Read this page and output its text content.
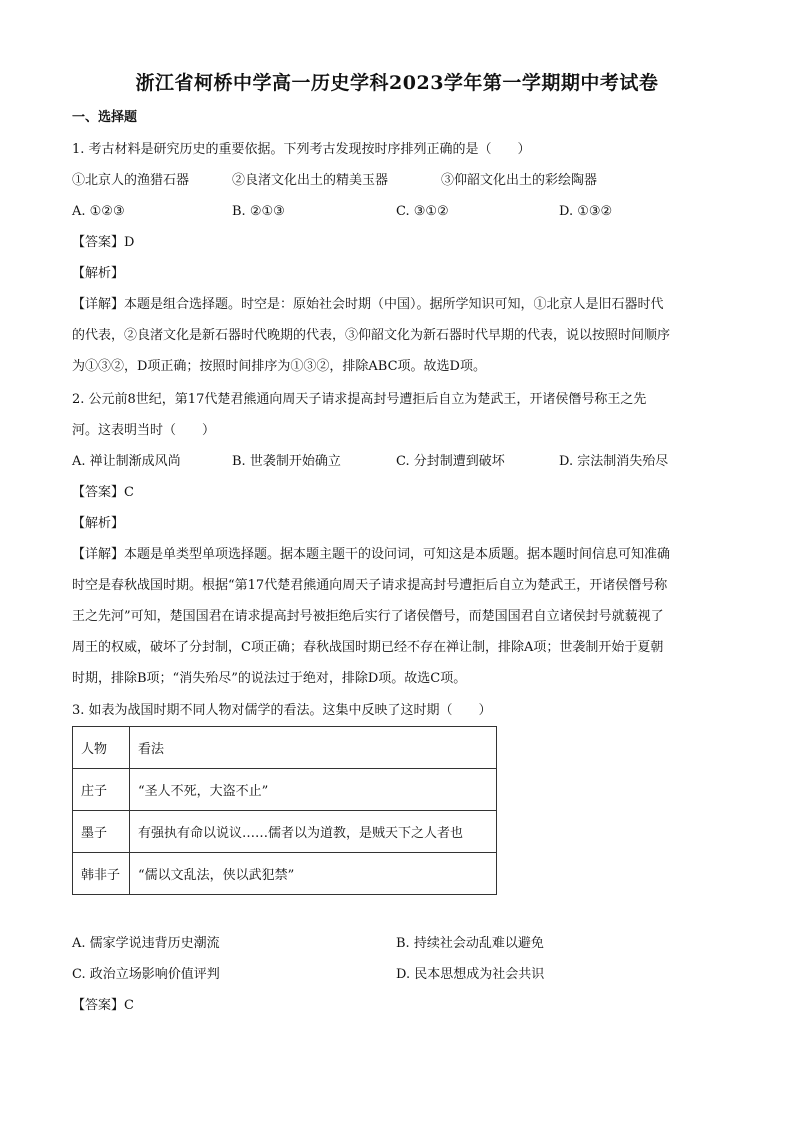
浙江省柯桥中学高一历史学科2023学年第一学期期中考试卷
一、选择题
1. 考古材料是研究历史的重要依据。下列考古发现按时序排列正确的是（　　）
①北京人的渔猎石器	②良渚文化出土的精美玉器	③仰韶文化出土的彩绘陶器
A. ①②③	B. ②①③	C. ③①②	D. ①③②
【答案】D
【解析】
【详解】本题是组合选择题。时空是：原始社会时期（中国）。据所学知识可知，①北京人是旧石器时代
的代表，②良渚文化是新石器时代晚期的代表，③仰韶文化为新石器时代早期的代表，说以按照时间顺序
为①③②，D项正确；按照时间排序为①③②，排除ABC项。故选D项。
2. 公元前8世纪，第17代楚君熊通向周天子请求提高封号遭拒后自立为楚武王，开诸侯僭号称王之先
河。这表明当时（　　）
A. 禅让制渐成风尚	B. 世袭制开始确立	C. 分封制遭到破坏	D. 宗法制消失殆尽
【答案】C
【解析】
【详解】本题是单类型单项选择题。据本题主题干的设问词，可知这是本质题。据本题时间信息可知准确
时空是春秋战国时期。根据“第17代楚君熊通向周天子请求提高封号遭拒后自立为楚武王，开诸侯僭号称
王之先河”可知，楚国国君在请求提高封号被拒绝后实行了诸侯僭号，而楚国国君自立诸侯封号就藐视了
周王的权威，破坏了分封制，C项正确；春秋战国时期已经不存在禅让制，排除A项；世袭制开始于夏朝
时期，排除B项；“消失殆尽”的说法过于绝对，排除D项。故选C项。
3. 如表为战国时期不同人物对儒学的看法。这集中反映了这时期（　　）
人物	看法
庄子	“圣人不死，大盗不止”
墨子	有强执有命以说议……儒者以为道教，是贼天下之人者也
韩非子	“儒以文乱法，侠以武犯禁”
A. 儒家学说违背历史潮流	B. 持续社会动乱难以避免
C. 政治立场影响价值评判	D. 民本思想成为社会共识
【答案】C
